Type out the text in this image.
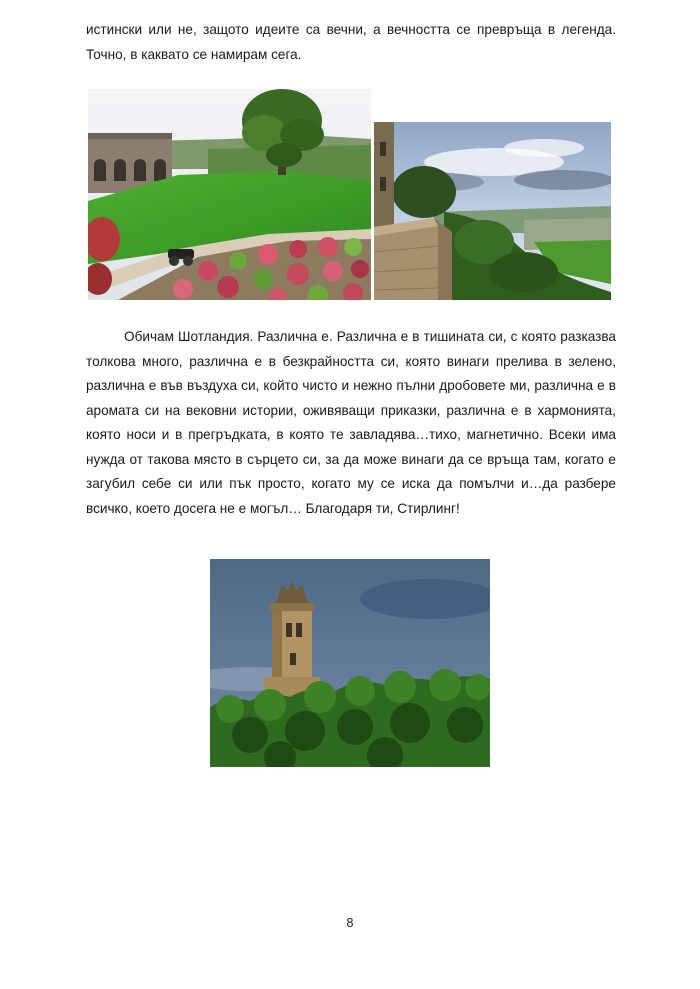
истински или не, защото идеите са вечни, а вечността се превръща в легенда. Точно, в каквато се намирам сега.

Обичам Шотландия. Различна е. Различна е в тишината си, с която разказва толкова много, различна е в безкрайността си, която винаги прелива в зелено, различна е във въздуха си, който чисто и нежно пълни дробовете ми, различна е в аромата си на вековни истории, оживяващи приказки, различна е в хармонията, която носи и в прегръдката, в която те завладява…тихо, магнетично. Всеки има нужда от такова място в сърцето си, за да може винаги да се връща там, когато е загубил себе си или пък просто, когато му се иска да помълчи и…да разбере всичко, което досега не е могъл… Благодаря ти, Стирлинг!

8
